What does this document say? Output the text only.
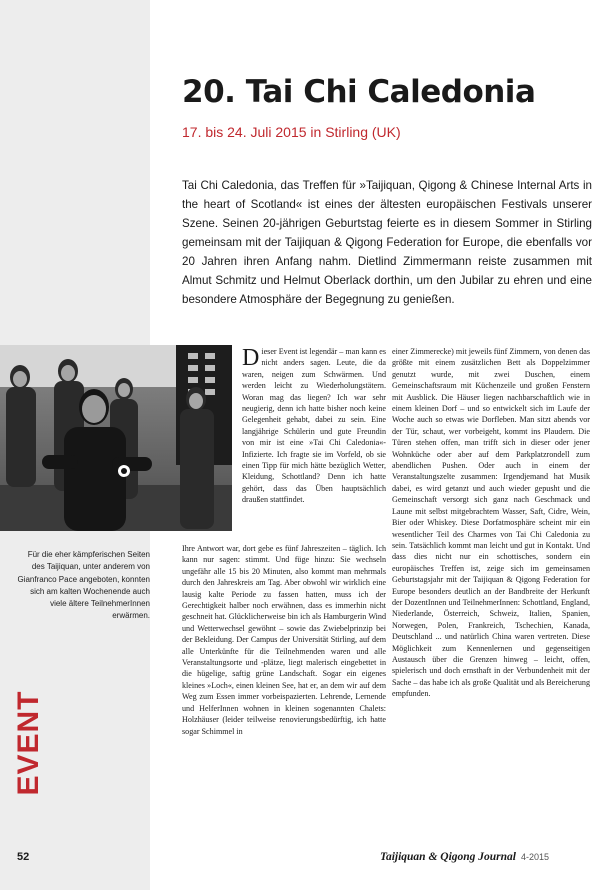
20. Tai Chi Caledonia

17. bis 24. Juli 2015 in Stirling (UK)

Tai Chi Caledonia, das Treffen für »Taijiquan, Qigong & Chinese Internal Arts in the heart of Scotland« ist eines der ältesten europäischen Festivals unserer Szene. Seinen 20-jährigen Geburtstag feierte es in diesem Sommer in Stirling gemeinsam mit der Taijiquan & Qigong Federation for Europe, die ebenfalls vor 20 Jahren ihren Anfang nahm. Dietlind Zimmermann reiste zusammen mit Almut Schmitz und Helmut Oberlack dorthin, um den Jubilar zu ehren und eine besondere Atmosphäre der Begegnung zu genießen.

Für die eher kämpferischen Seiten des Taijiquan, unter anderem von Gianfranco Pace angeboten, konnten sich am kalten Wochenende auch viele ältere TeilnehmerInnen erwärmen.

EVENT

Dieser Event ist legendär – man kann es nicht anders sagen. Leute, die da waren, neigen zum Schwärmen. Und werden leicht zu Wiederholungstätern. Woran mag das liegen? Ich war sehr neugierig, denn ich hatte bisher noch keine Gelegenheit gehabt, dabei zu sein. Eine langjährige Schülerin und gute Freundin von mir ist eine »Tai Chi Caledonia«-Infizierte. Ich fragte sie im Vorfeld, ob sie einen Tipp für mich hätte bezüglich Wetter, Kleidung, Schottland? Denn ich hatte gehört, dass das Üben hauptsächlich draußen stattfindet.

Ihre Antwort war, dort gebe es fünf Jahreszeiten – täglich. Ich kann nur sagen: stimmt. Und füge hinzu: Sie wechseln ungefähr alle 15 bis 20 Minuten, also kommt man mehrmals durch den Jahreskreis am Tag. Aber obwohl wir wirklich eine lausig kalte Periode zu fassen hatten, muss ich der Gerechtigkeit halber noch erwähnen, dass es immerhin nicht geschneit hat. Glücklicherweise bin ich als Hamburgerin Wind und Wetterwechsel gewöhnt – sowie das Zwiebelprinzip bei der Bekleidung. Der Campus der Universität Stirling, auf dem alle Unterkünfte für die Teilnehmenden waren und alle Veranstaltungsorte und -plätze, liegt malerisch eingebettet in die hügelige, saftig grüne Landschaft. Sogar ein eigenes kleines »Loch«, einen kleinen See, hat er, an dem wir auf dem Weg zum Essen immer vorbeispazierten. Lehrende, Lernende und HelferInnen wohnen in kleinen sogenannten Chalets: Holzhäuser (leider teilweise renovierungsbedürftig, ich hatte sogar Schimmel in

einer Zimmerecke) mit jeweils fünf Zimmern, von denen das größte mit einem zusätzlichen Bett als Doppelzimmer genutzt wurde, mit zwei Duschen, einem Gemeinschaftsraum mit Küchenzeile und großen Fenstern mit Ausblick. Die Häuser liegen nachbarschaftlich wie in einem kleinen Dorf – und so entwickelt sich im Laufe der Woche auch so etwas wie Dorfleben. Man sitzt abends vor der Tür, schaut, wer vorbeigeht, kommt ins Plaudern. Die Türen stehen offen, man trifft sich in dieser oder jener Wohnküche oder aber auf dem Parkplatzrondell zum abendlichen Pushen. Oder auch in einem der Veranstaltungszelte zusammen: Irgendjemand hat Musik dabei, es wird getanzt und auch wieder gepusht und die Gemeinschaft versorgt sich ganz nach Geschmack und Laune mit selbst mitgebrachtem Wasser, Saft, Cidre, Wein, Bier oder Whiskey. Diese Dorfatmosphäre scheint mir ein wesentlicher Teil des Charmes von Tai Chi Caledonia zu sein. Tatsächlich kommt man leicht und gut in Kontakt. Und dass dies nicht nur ein schottisches, sondern ein europäisches Treffen ist, zeige sich im gemeinsamen Geburtstagsjahr mit der Taijiquan & Qigong Federation for Europe besonders deutlich an der Bandbreite der Herkunft der DozentInnen und TeilnehmerInnen: Schottland, England, Niederlande, Österreich, Schweiz, Italien, Spanien, Norwegen, Polen, Frankreich, Tschechien, Kanada, Deutschland ... und natürlich China waren vertreten. Diese Möglichkeit zum Kennenlernen und gegenseitigen Austausch über die Grenzen hinweg – leicht, offen, spielerisch und doch ernsthaft in der Verbundenheit mit der Sache – das habe ich als große Qualität und als Bereicherung empfunden.

52	Taijiquan & Qigong Journal 4-2015
